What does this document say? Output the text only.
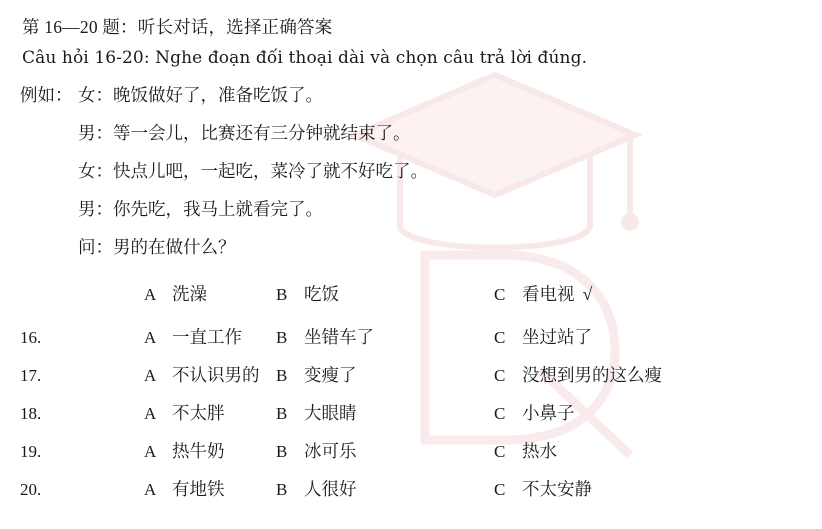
第 16—20 题：听长对话，选择正确答案
Câu hỏi 16-20: Nghe đoạn đối thoại dài và chọn câu trả lời đúng.
例如： 女：晚饭做好了，准备吃饭了。
男：等一会儿，比赛还有三分钟就结束了。
女：快点儿吧，一起吃，菜冷了就不好吃了。
男：你先吃，我马上就看完了。
问：男的在做什么？
A 洗澡	B 吃饭	C 看电视 √
16.	A 一直工作 B 坐错车了	C 坐过站了
17.	A 不认识男的 B 变瘦了	C 没想到男的这么瘦
18.	A 不太胖	B 大眼睛	C 小鼻子
19.	A 热牛奶	B 冰可乐	C 热水
20.	A 有地铁	B 人很好	C 不太安静
